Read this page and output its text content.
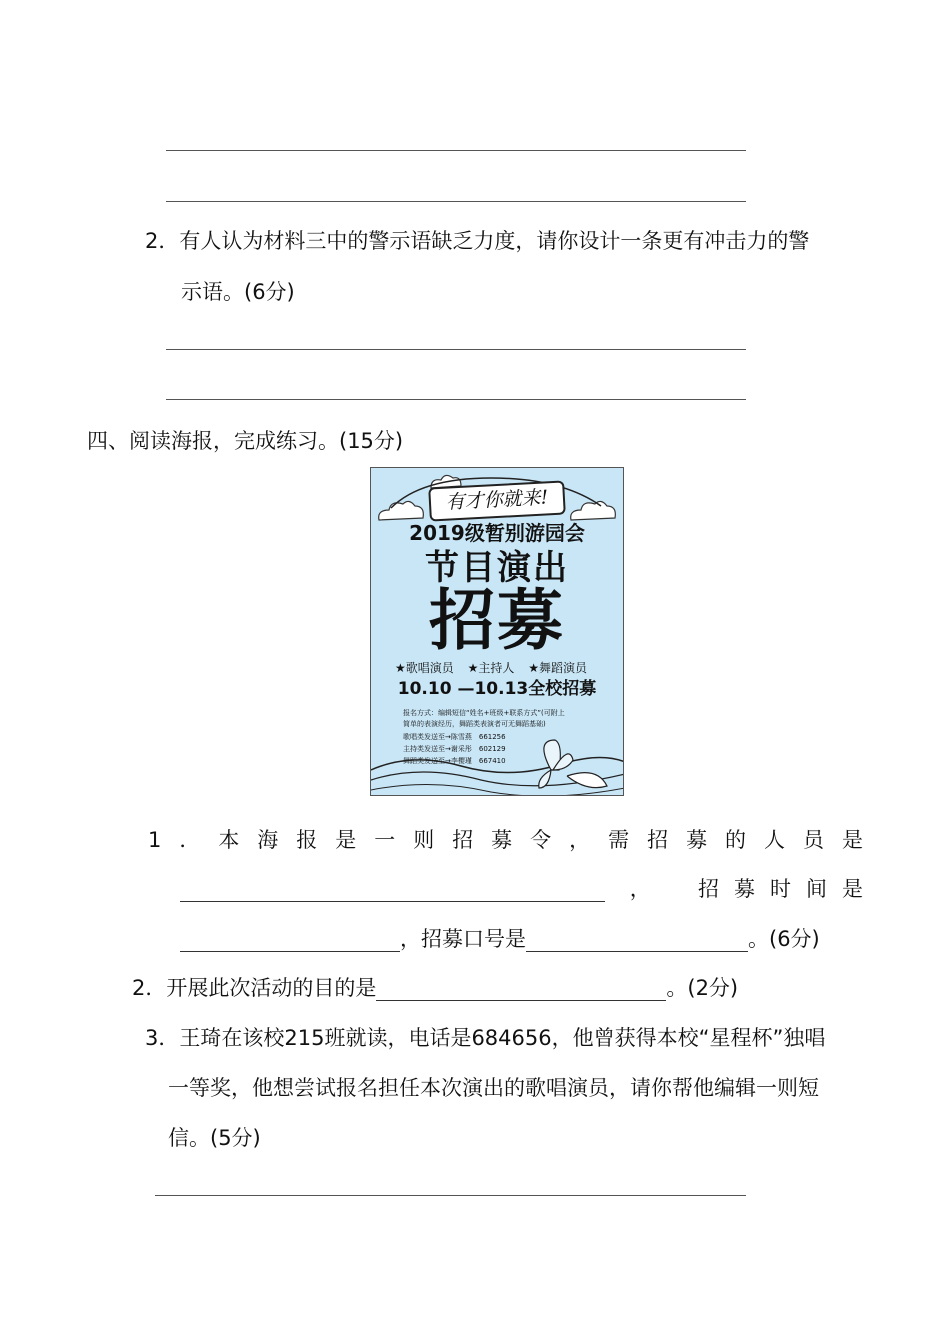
2．有人认为材料三中的警示语缺乏力度，请你设计一条更有冲击力的警
示语。(6分)
四、阅读海报，完成练习。(15分)
有才你就来!
2019级暂别游园会
节目演出
招募
★歌唱演员 ★主持人 ★舞蹈演员
10.10 —10.13全校招募
报名方式：编辑短信“姓名+班级+联系方式”(可附上
简单的表演经历，舞蹈类表演者可无舞蹈基础)
歌唱类发送至→陈雪燕　661256
主持类发送至→谢采彤　602129
舞蹈类发送至→李樱瑾　667410
1．本海报是一则招募令，需招募的人员是
， 招募时间是
，招募口号是	。(6分)
2．开展此次活动的目的是	。(2分)
3．王琦在该校215班就读，电话是684656，他曾获得本校“星程杯”独唱
一等奖，他想尝试报名担任本次演出的歌唱演员，请你帮他编辑一则短
信。(5分)
